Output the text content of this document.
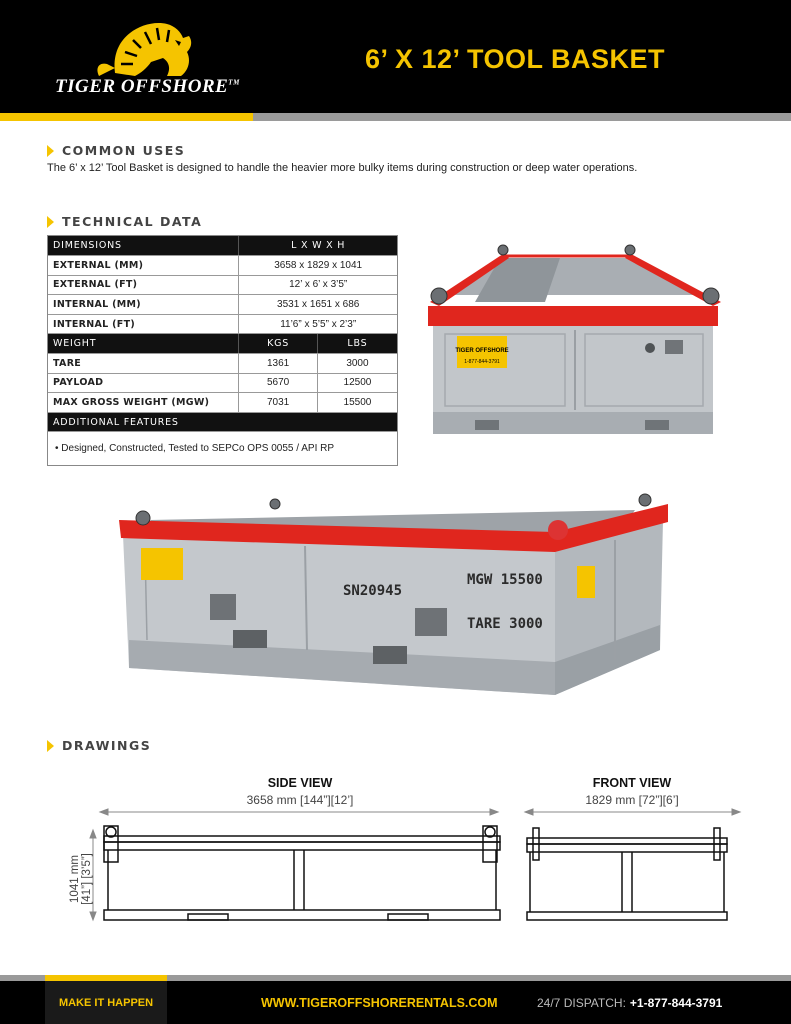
TIGER OFFSHORE™
6’ X 12’ TOOL BASKET
COMMON USES
The 6’ x 12’ Tool Basket is designed to handle the heavier more bulky items during construction or deep water operations.
TECHNICAL DATA
DIMENSIONS	L X W X H	
EXTERNAL (MM)	3658 x 1829 x 1041	
EXTERNAL (FT)	12’ x 6’ x 3’5”	
INTERNAL (MM)	3531 x 1651 x 686	
INTERNAL (FT)	11’6” x 5’5” x 2’3”	
WEIGHT	KGS	LBS
TARE	1361	3000
PAYLOAD	5670	12500
MAX GROSS WEIGHT (MGW)	7031	15500
ADDITIONAL FEATURES		
• Designed, Constructed, Tested to SEPCo OPS 0055 / API RP		
TIGER OFFSHORE
1-877-844-3791
SN20945
MGW 15500
TARE 3000
DRAWINGS
SIDE VIEW
3658 mm [144”][12’]
FRONT VIEW
1829 mm [72”][6’]
1041 mm [41”] [3’5”]
MAKE IT HAPPEN	WWW.TIGEROFFSHORERENTALS.COM	24/7 DISPATCH: +1-877-844-3791
